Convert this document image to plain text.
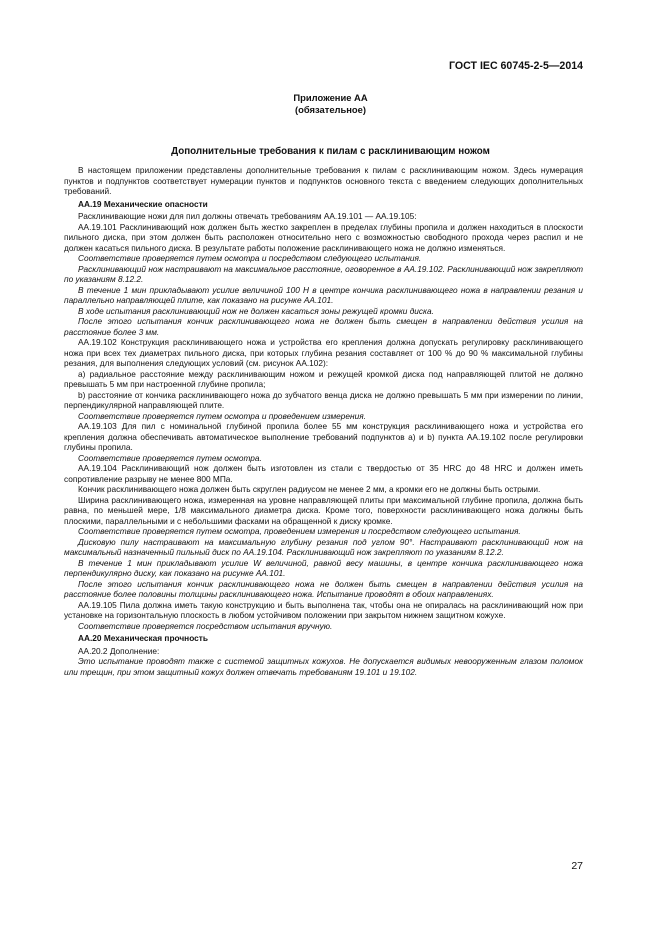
ГОСТ IEC 60745-2-5—2014
Приложение АА
(обязательное)
Дополнительные требования к пилам с расклинивающим ножом

В настоящем приложении представлены дополнительные требования к пилам с расклинивающим ножом. Здесь нумерация пунктов и подпунктов соответствует нумерации пунктов и подпунктов основного текста с введением следующих дополнительных требований.

АА.19 Механические опасности

Расклинивающие ножи для пил должны отвечать требованиям АА.19.101 — АА.19.105:

АА.19.101 Расклинивающий нож должен быть жестко закреплен в пределах глубины пропила и должен находиться в плоскости пильного диска, при этом должен быть расположен относительно него с возможностью свободного прохода через распил и не должен касаться пильного диска. В результате работы положение расклинивающего ножа не должно изменяться.

Соответствие проверяется путем осмотра и посредством следующего испытания.

Расклинивающий нож настраивают на максимальное расстояние, оговоренное в АА.19.102. Расклинивающий нож закрепляют по указаниям 8.12.2.

В течение 1 мин прикладывают усилие величиной 100 Н в центре кончика расклинивающего ножа в направлении резания и параллельно направляющей плите, как показано на рисунке АА.101.

В ходе испытания расклинивающий нож не должен касаться зоны режущей кромки диска.

После этого испытания кончик расклинивающего ножа не должен быть смещен в направлении действия усилия на расстояние более 3 мм.

АА.19.102 Конструкция расклинивающего ножа и устройства его крепления должна допускать регулировку расклинивающего ножа при всех тех диаметрах пильного диска, при которых глубина резания составляет от 100 % до 90 % максимальной глубины резания, для выполнения следующих условий (см. рисунок АА.102):

a) радиальное расстояние между расклинивающим ножом и режущей кромкой диска под направляющей плитой не должно превышать 5 мм при настроенной глубине пропила;

b) расстояние от кончика расклинивающего ножа до зубчатого венца диска не должно превышать 5 мм при измерении по линии, перпендикулярной направляющей плите.

Соответствие проверяется путем осмотра и проведением измерения.

АА.19.103 Для пил с номинальной глубиной пропила более 55 мм конструкция расклинивающего ножа и устройства его крепления должна обеспечивать автоматическое выполнение требований подпунктов a) и b) пункта АА.19.102 после регулировки глубины пропила.

Соответствие проверяется путем осмотра.

АА.19.104 Расклинивающий нож должен быть изготовлен из стали с твердостью от 35 HRC до 48 HRC и должен иметь сопротивление разрыву не менее 800 МПа.

Кончик расклинивающего ножа должен быть скруглен радиусом не менее 2 мм, а кромки его не должны быть острыми.

Ширина расклинивающего ножа, измеренная на уровне направляющей плиты при максимальной глубине пропила, должна быть равна, по меньшей мере, 1/8 максимального диаметра диска. Кроме того, поверхности расклинивающего ножа должны быть плоскими, параллельными и с небольшими фасками на обращенной к диску кромке.

Соответствие проверяется путем осмотра, проведением измерения и посредством следующего испытания.

Дисковую пилу настраивают на максимальную глубину резания под углом 90°. Настраивают расклинивающий нож на максимальный назначенный пильный диск по АА.19.104. Расклинивающий нож закрепляют по указаниям 8.12.2.

В течение 1 мин прикладывают усилие W величиной, равной весу машины, в центре кончика расклинивающего ножа перпендикулярно диску, как показано на рисунке АА.101.

После этого испытания кончик расклинивающего ножа не должен быть смещен в направлении действия усилия на расстояние более половины толщины расклинивающего ножа. Испытание проводят в обоих направлениях.

АА.19.105 Пила должна иметь такую конструкцию и быть выполнена так, чтобы она не опиралась на расклинивающий нож при установке на горизонтальную плоскость в любом устойчивом положении при закрытом нижнем защитном кожухе.

Соответствие проверяется посредством испытания вручную.

АА.20 Механическая прочность

АА.20.2 Дополнение:

Это испытание проводят также с системой защитных кожухов. Не допускается видимых невооруженным глазом поломок или трещин, при этом защитный кожух должен отвечать требованиям 19.101 и 19.102.

27
